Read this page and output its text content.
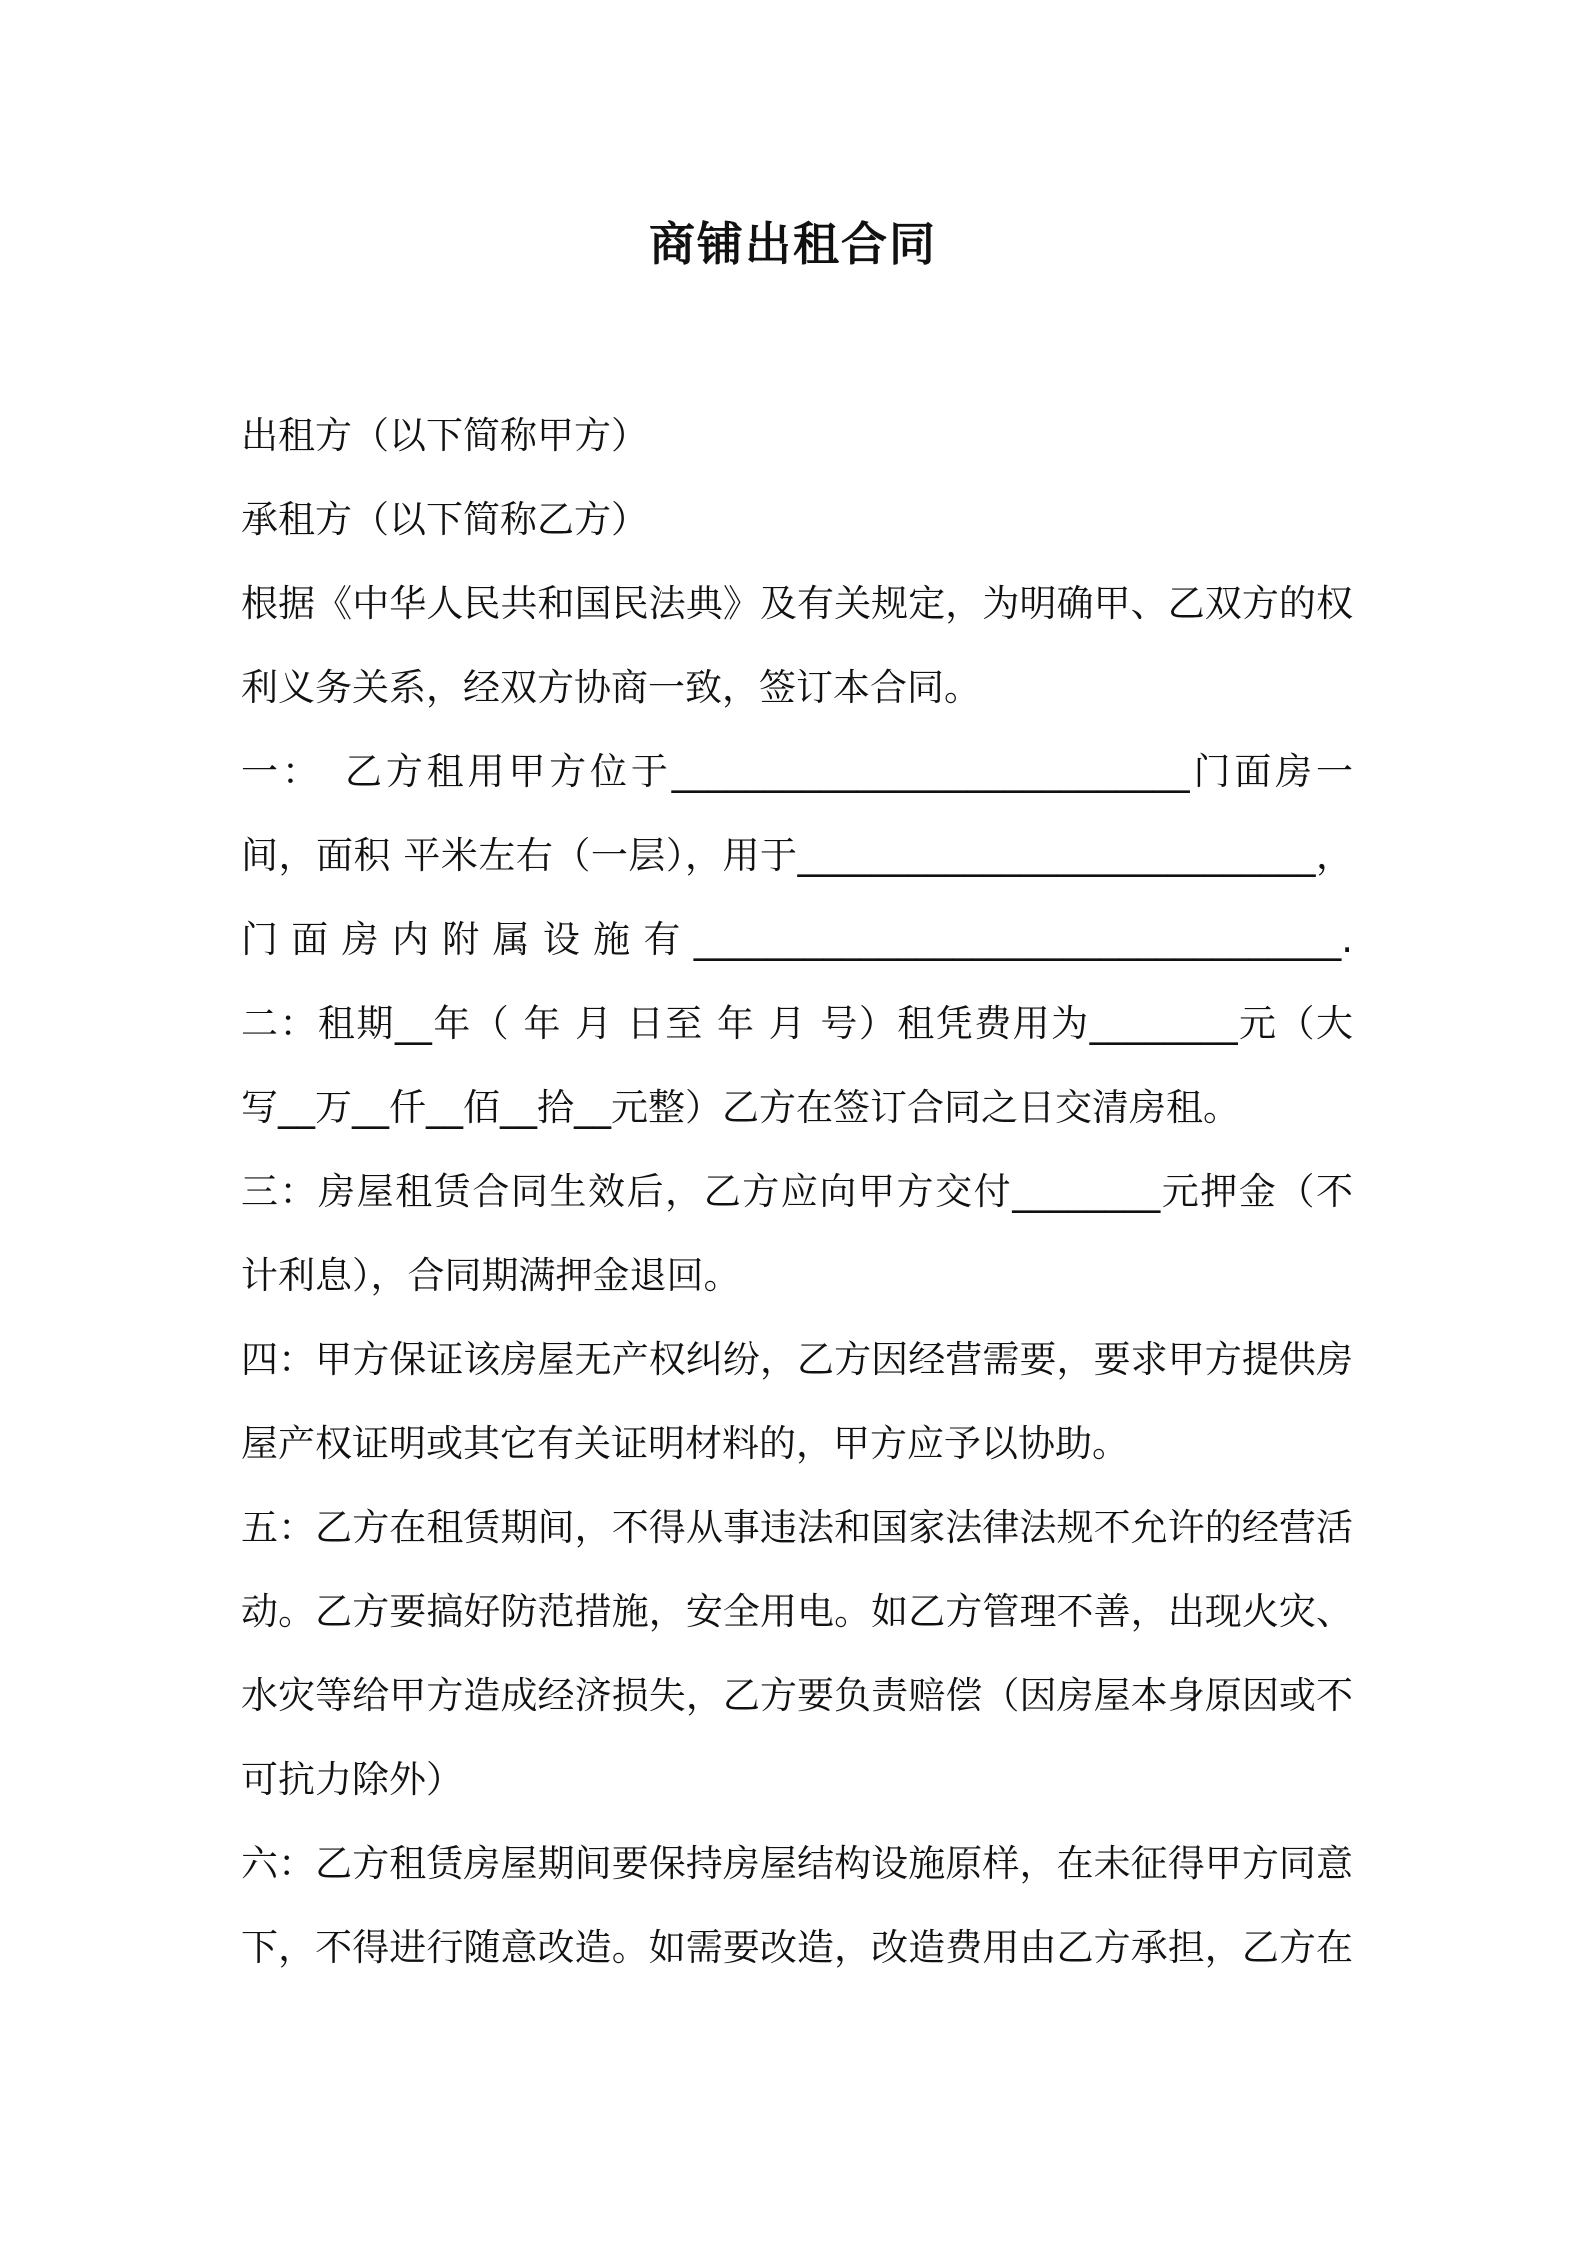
商铺出租合同
出租方（以下简称甲方）
承租方（以下简称乙方）
根据《中华人民共和国民法典》及有关规定，为明确甲、乙双方的权
利义务关系，经双方协商一致，签订本合同。
一：　乙方租用甲方位于____________________________门面房一
间，面积 平米左右（一层），用于____________________________，
门面房内附属设施有___________________________________.
二：租期__年（ 年 月 日至 年 月 号）租凭费用为________元（大
写__万__仟__佰__拾__元整）乙方在签订合同之日交清房租。
三：房屋租赁合同生效后，乙方应向甲方交付________元押金（不
计利息），合同期满押金退回。
四：甲方保证该房屋无产权纠纷，乙方因经营需要，要求甲方提供房
屋产权证明或其它有关证明材料的，甲方应予以协助。
五：乙方在租赁期间，不得从事违法和国家法律法规不允许的经营活
动。乙方要搞好防范措施，安全用电。如乙方管理不善，出现火灾、
水灾等给甲方造成经济损失，乙方要负责赔偿（因房屋本身原因或不
可抗力除外）
六：乙方租赁房屋期间要保持房屋结构设施原样，在未征得甲方同意
下，不得进行随意改造。如需要改造，改造费用由乙方承担，乙方在
